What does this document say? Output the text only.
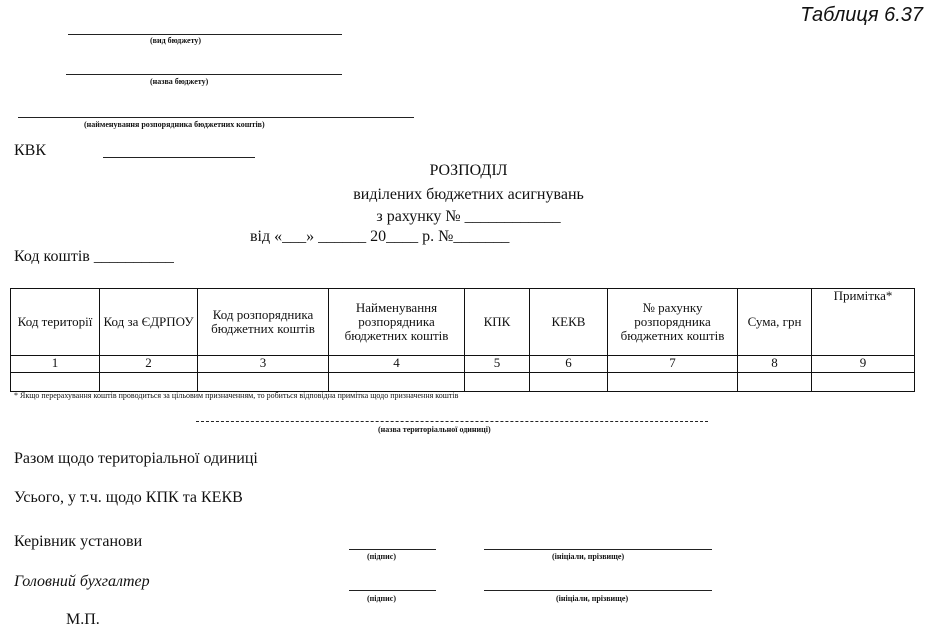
Таблиця 6.37
(вид бюджету)
(назва бюджету)
(найменування розпорядника бюджетних коштів)
КВК
РОЗПОДІЛ
виділених бюджетних асигнувань
з рахунку № ____________
від «___» ______ 20____ р. №_______
Код коштів __________
Код території	Код за ЄДРПОУ	Код розпорядника бюджетних коштів	Найменування розпорядника бюджетних коштів	КПК	КЕКВ	№ рахунку розпорядника бюджетних коштів	Сума, грн	Примітка*
1	2	3	4	5	6	7	8	9

* Якщо перерахування коштів проводиться за цільовим призначенням, то робиться відповідна примітка щодо призначення коштів
(назва територіальної одиниці)
Разом щодо територіальної одиниці
Усього, у т.ч. щодо КПК та КЕКВ
Керівник установи
(підпис)	(ініціали, прізвище)
Головний бухгалтер
(підпис)	(ініціали, прізвище)
М.П.
